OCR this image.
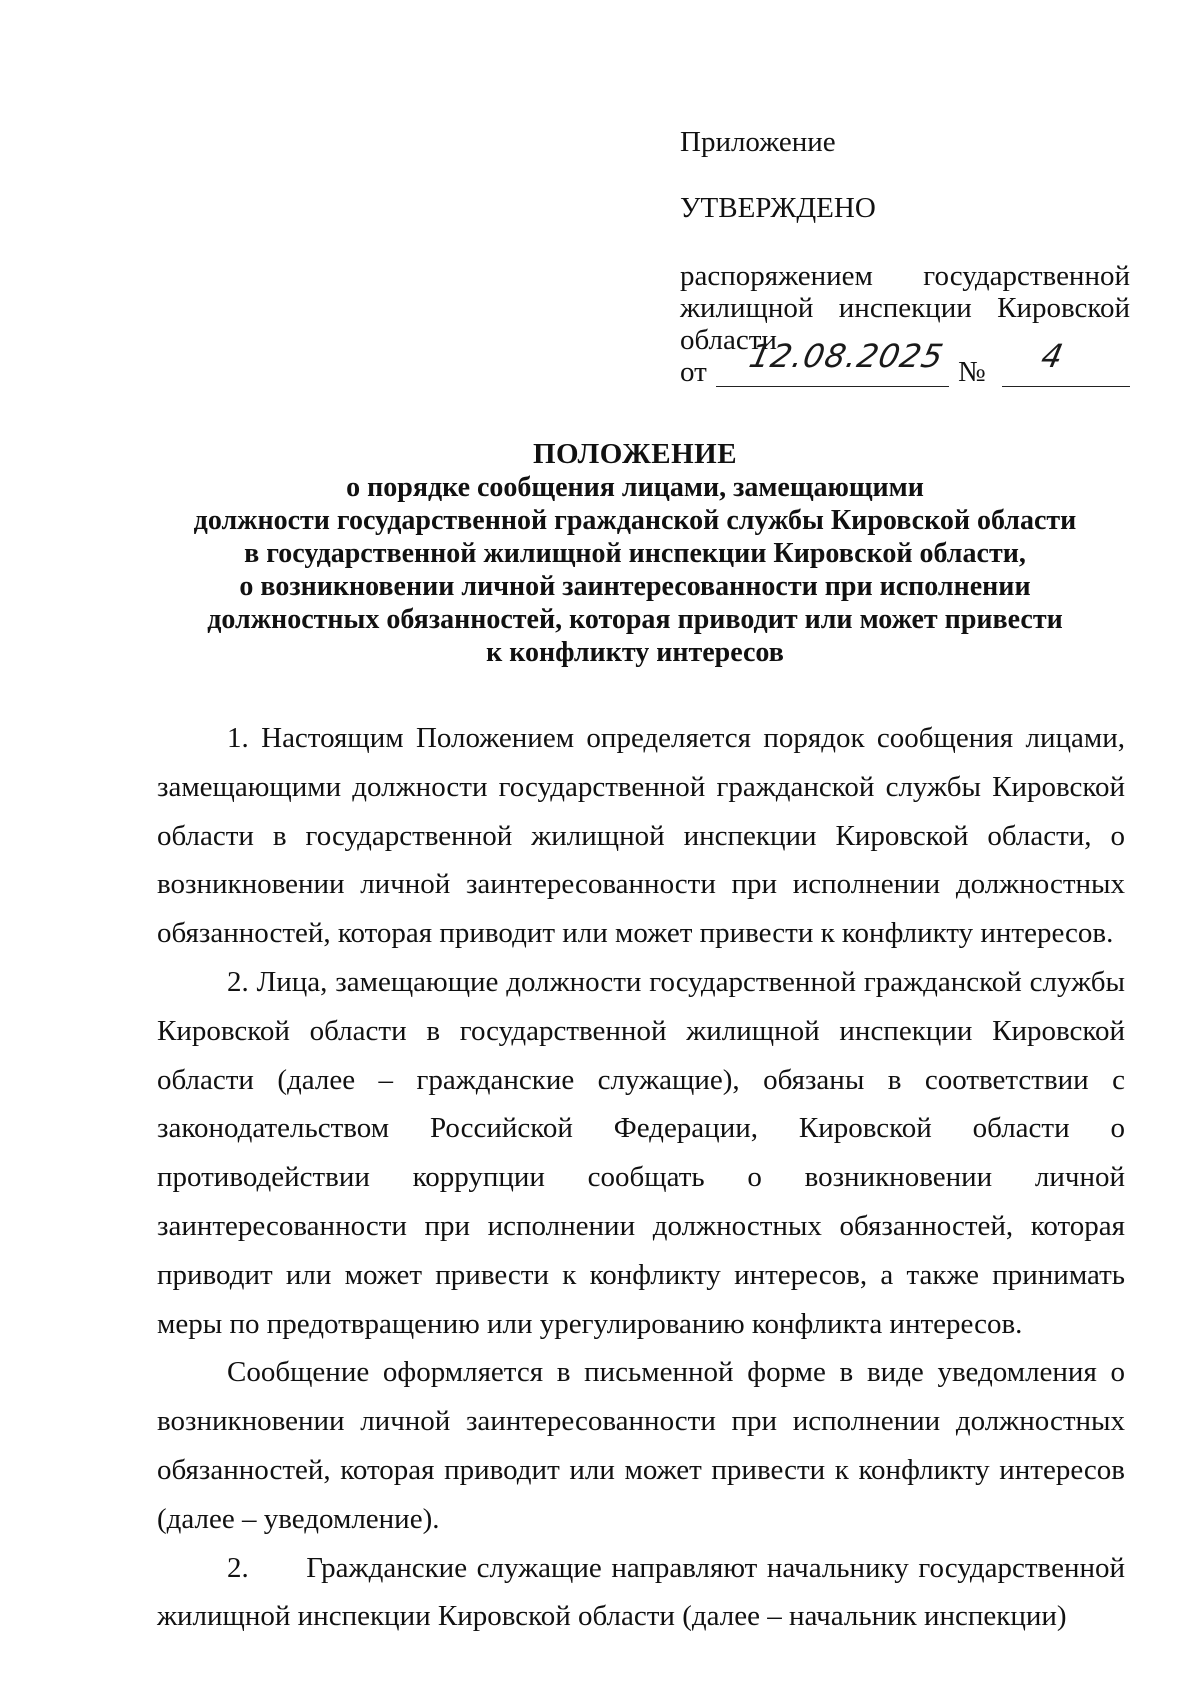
Приложение
УТВЕРЖДЕНО
распоряжением государственной жилищной инспекции Кировской области
от 12.08.2025 № 4
ПОЛОЖЕНИЕ
о порядке сообщения лицами, замещающими
должности государственной гражданской службы Кировской области
в государственной жилищной инспекции Кировской области,
о возникновении личной заинтересованности при исполнении
должностных обязанностей, которая приводит или может привести
к конфликту интересов

1. Настоящим Положением определяется порядок сообщения лицами, замещающими должности государственной гражданской службы Кировской области в государственной жилищной инспекции Кировской области, о возникновении личной заинтересованности при исполнении должностных обязанностей, которая приводит или может привести к конфликту интересов.

2. Лица, замещающие должности государственной гражданской службы Кировской области в государственной жилищной инспекции Кировской области (далее – гражданские служащие), обязаны в соответствии с законодательством Российской Федерации, Кировской области о противодействии коррупции сообщать о возникновении личной заинтересованности при исполнении должностных обязанностей, которая приводит или может привести к конфликту интересов, а также принимать меры по предотвращению или урегулированию конфликта интересов.

Сообщение оформляется в письменной форме в виде уведомления о возникновении личной заинтересованности при исполнении должностных обязанностей, которая приводит или может привести к конфликту интересов (далее – уведомление).

2.      Гражданские служащие направляют начальнику государственной жилищной инспекции Кировской области (далее – начальник инспекции)
